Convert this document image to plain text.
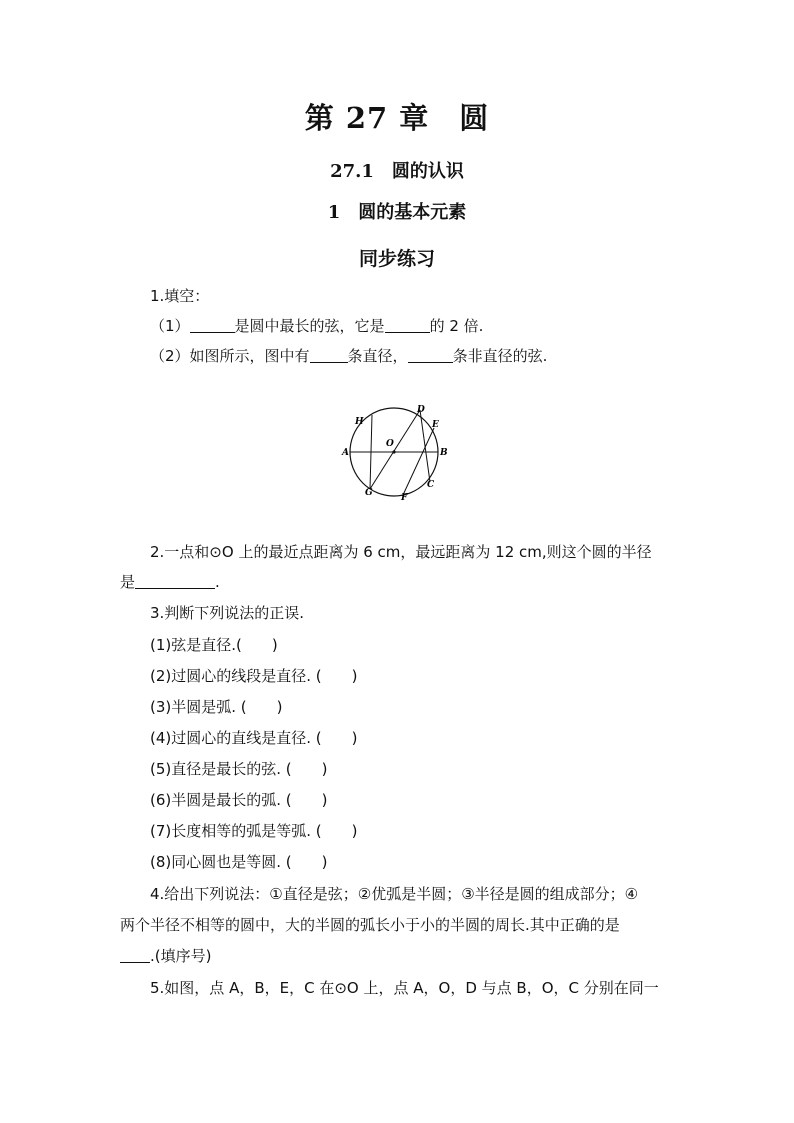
第 27 章　圆
27.1　圆的认识
1　圆的基本元素
同步练习
1.填空：
（1）	是圆中最长的弦，它是	的 2 倍.
（2）如图所示，图中有	条直径，	条非直径的弦.
H
D
E
O
A	B
G	F
C
2.一点和⊙O 上的最近点距离为 6 cm，最远距离为 12 cm,则这个圆的半径
是	.
3.判断下列说法的正误.
(1)弦是直径.(　　)
(2)过圆心的线段是直径. (　　)
(3)半圆是弧. (　　)
(4)过圆心的直线是直径. (　　)
(5)直径是最长的弦. (　　)
(6)半圆是最长的弧. (　　)
(7)长度相等的弧是等弧. (　　)
(8)同心圆也是等圆. (　　)
4.给出下列说法：①直径是弦；②优弧是半圆；③半径是圆的组成部分；④
两个半径不相等的圆中，大的半圆的弧长小于小的半圆的周长.其中正确的是
.(填序号)
5.如图，点 A，B，E，C 在⊙O 上，点 A，O，D 与点 B，O，C 分别在同一
